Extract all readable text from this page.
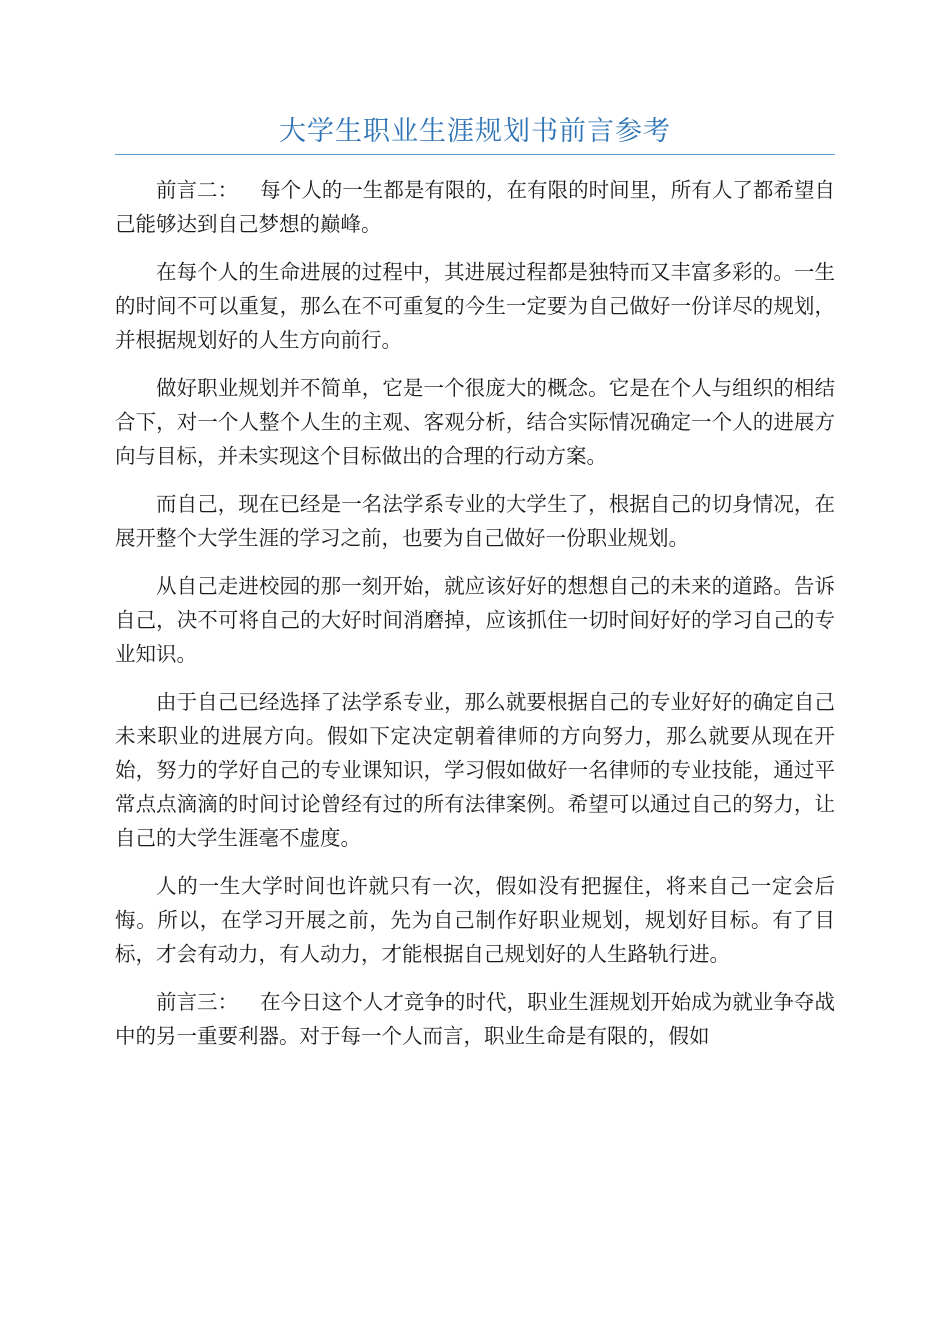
大学生职业生涯规划书前言参考

前言二： 每个人的一生都是有限的，在有限的时间里，所有人了都希望自己能够达到自己梦想的巅峰。

在每个人的生命进展的过程中，其进展过程都是独特而又丰富多彩的。一生的时间不可以重复，那么在不可重复的今生一定要为自己做好一份详尽的规划，并根据规划好的人生方向前行。

做好职业规划并不简单，它是一个很庞大的概念。它是在个人与组织的相结合下，对一个人整个人生的主观、客观分析，结合实际情况确定一个人的进展方向与目标，并未实现这个目标做出的合理的行动方案。

而自己，现在已经是一名法学系专业的大学生了，根据自己的切身情况，在展开整个大学生涯的学习之前，也要为自己做好一份职业规划。

从自己走进校园的那一刻开始，就应该好好的想想自己的未来的道路。告诉自己，决不可将自己的大好时间消磨掉，应该抓住一切时间好好的学习自己的专业知识。

由于自己已经选择了法学系专业，那么就要根据自己的专业好好的确定自己未来职业的进展方向。假如下定决定朝着律师的方向努力，那么就要从现在开始，努力的学好自己的专业课知识，学习假如做好一名律师的专业技能，通过平常点点滴滴的时间讨论曾经有过的所有法律案例。希望可以通过自己的努力，让自己的大学生涯毫不虚度。

人的一生大学时间也许就只有一次，假如没有把握住，将来自己一定会后悔。所以，在学习开展之前，先为自己制作好职业规划，规划好目标。有了目标，才会有动力，有人动力，才能根据自己规划好的人生路轨行进。

前言三： 在今日这个人才竞争的时代，职业生涯规划开始成为就业争夺战中的另一重要利器。对于每一个人而言，职业生命是有限的，假如
